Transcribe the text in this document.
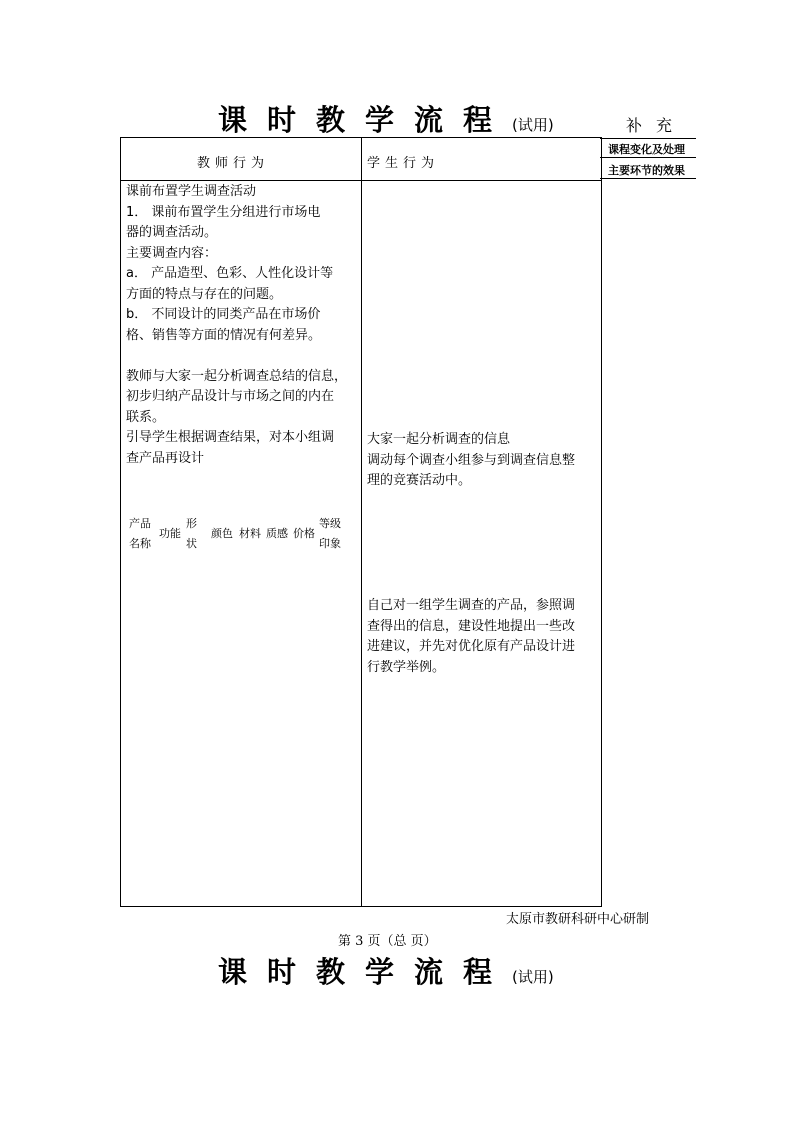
课时教学流程(试用)	补充
课程变化及处理
主要环节的效果
教师行为	学生行为

课前布置学生调查活动

1． 课前布置学生分组进行市场电

器的调查活动。

主要调查内容：

a． 产品造型、色彩、人性化设计等

方面的特点与存在的问题。

b． 不同设计的同类产品在市场价

格、销售等方面的情况有何差异。

教师与大家一起分析调查总结的信息，

初步归纳产品设计与市场之间的内在

联系。

引导学生根据调查结果，对本小组调

查产品再设计

产品
名称
功能
形
状
颜色 材料 质感 价格
等级
印象

大家一起分析调查的信息

调动每个调查小组参与到调查信息整

理的竞赛活动中。

自己对一组学生调查的产品，参照调

查得出的信息，建设性地提出一些改

进建议，并先对优化原有产品设计进

行教学举例。

太原市教研科研中心研制
第 3 页（总 页）
课时教学流程(试用)
